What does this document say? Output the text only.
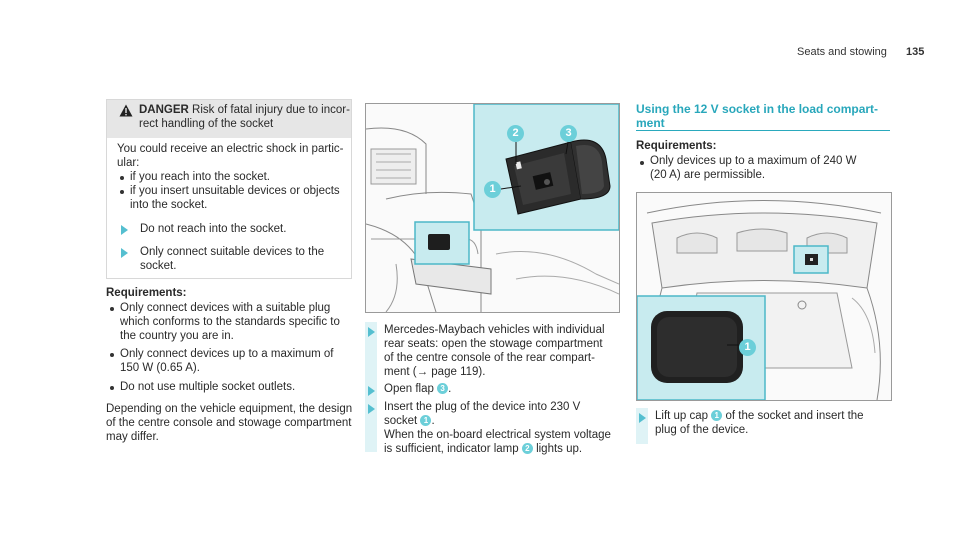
Seats and stowing 135
DANGER Risk of fatal injury due to incor-
rect handling of the socket
You could receive an electric shock in partic-
ular:
if you reach into the socket.
if you insert unsuitable devices or objects
into the socket.
Do not reach into the socket.
Only connect suitable devices to the
socket.
Requirements:
Only connect devices with a suitable plug
which conforms to the standards specific to
the country you are in.
Only connect devices up to a maximum of
150 W (0.65 A).
Do not use multiple socket outlets.
Depending on the vehicle equipment, the design
of the centre console and stowage compartment
may differ.
2	3
1
Mercedes-Maybach vehicles with individual
rear seats: open the stowage compartment
of the centre console of the rear compart-
ment (→ page 119).
Open flap 3 .
Insert the plug of the device into 230 V
socket 1 .
When the on-board electrical system voltage
is sufficient, indicator lamp 2 lights up.
Using the 12 V socket in the load compart-
ment
Requirements:
Only devices up to a maximum of 240 W
(20 A) are permissible.
1
Lift up cap 1 of the socket and insert the
plug of the device.
